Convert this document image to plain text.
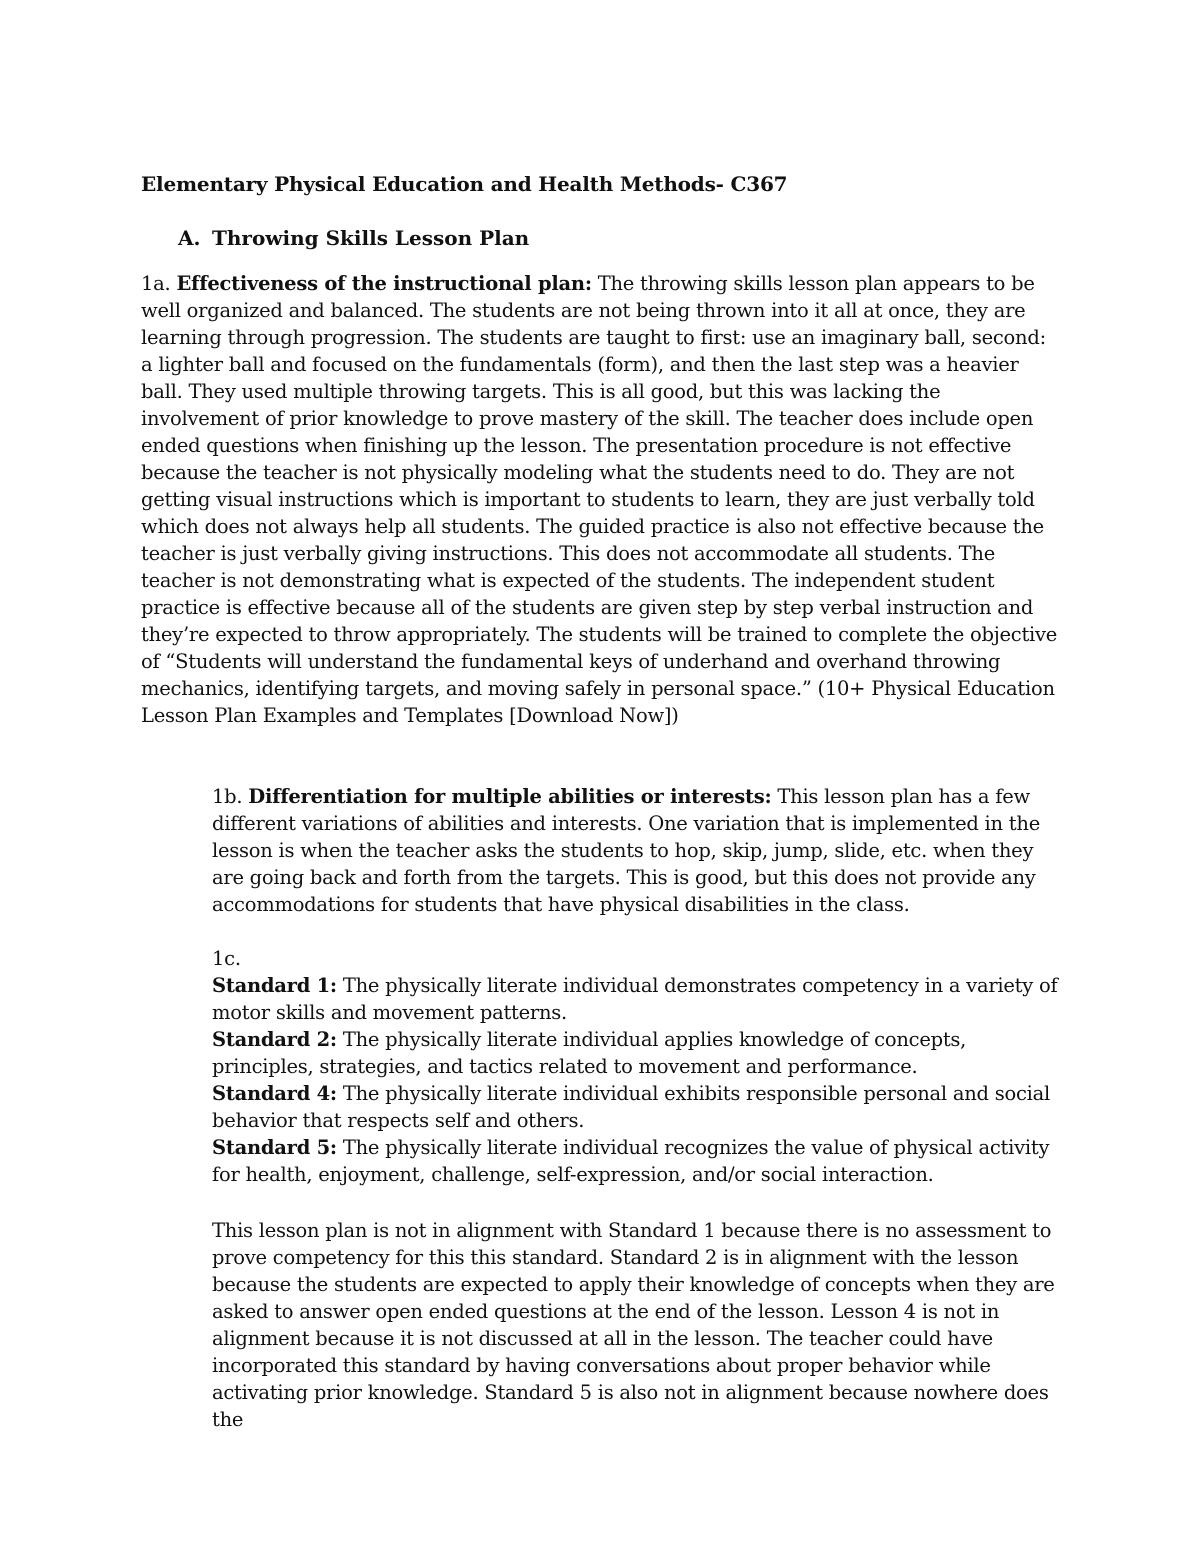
Elementary Physical Education and Health Methods- C367
A. Throwing Skills Lesson Plan

1a. Effectiveness of the instructional plan: The throwing skills lesson plan appears to be well organized and balanced. The students are not being thrown into it all at once, they are learning through progression. The students are taught to first: use an imaginary ball, second: a lighter ball and focused on the fundamentals (form), and then the last step was a heavier ball. They used multiple throwing targets. This is all good, but this was lacking the involvement of prior knowledge to prove mastery of the skill. The teacher does include open ended questions when finishing up the lesson. The presentation procedure is not effective because the teacher is not physically modeling what the students need to do. They are not getting visual instructions which is important to students to learn, they are just verbally told which does not always help all students. The guided practice is also not effective because the teacher is just verbally giving instructions. This does not accommodate all students. The teacher is not demonstrating what is expected of the students. The independent student practice is effective because all of the students are given step by step verbal instruction and they’re expected to throw appropriately. The students will be trained to complete the objective of “Students will understand the fundamental keys of underhand and overhand throwing mechanics, identifying targets, and moving safely in personal space.” (10+ Physical Education Lesson Plan Examples and Templates [Download Now])

1b. Differentiation for multiple abilities or interests: This lesson plan has a few different variations of abilities and interests. One variation that is implemented in the lesson is when the teacher asks the students to hop, skip, jump, slide, etc. when they are going back and forth from the targets. This is good, but this does not provide any accommodations for students that have physical disabilities in the class.

1c.
Standard 1: The physically literate individual demonstrates competency in a variety of motor skills and movement patterns.
Standard 2: The physically literate individual applies knowledge of concepts, principles, strategies, and tactics related to movement and performance.
Standard 4: The physically literate individual exhibits responsible personal and social behavior that respects self and others.
Standard 5: The physically literate individual recognizes the value of physical activity for health, enjoyment, challenge, self-expression, and/or social interaction.

This lesson plan is not in alignment with Standard 1 because there is no assessment to prove competency for this this standard. Standard 2 is in alignment with the lesson because the students are expected to apply their knowledge of concepts when they are asked to answer open ended questions at the end of the lesson. Lesson 4 is not in alignment because it is not discussed at all in the lesson. The teacher could have incorporated this standard by having conversations about proper behavior while activating prior knowledge. Standard 5 is also not in alignment because nowhere does the
